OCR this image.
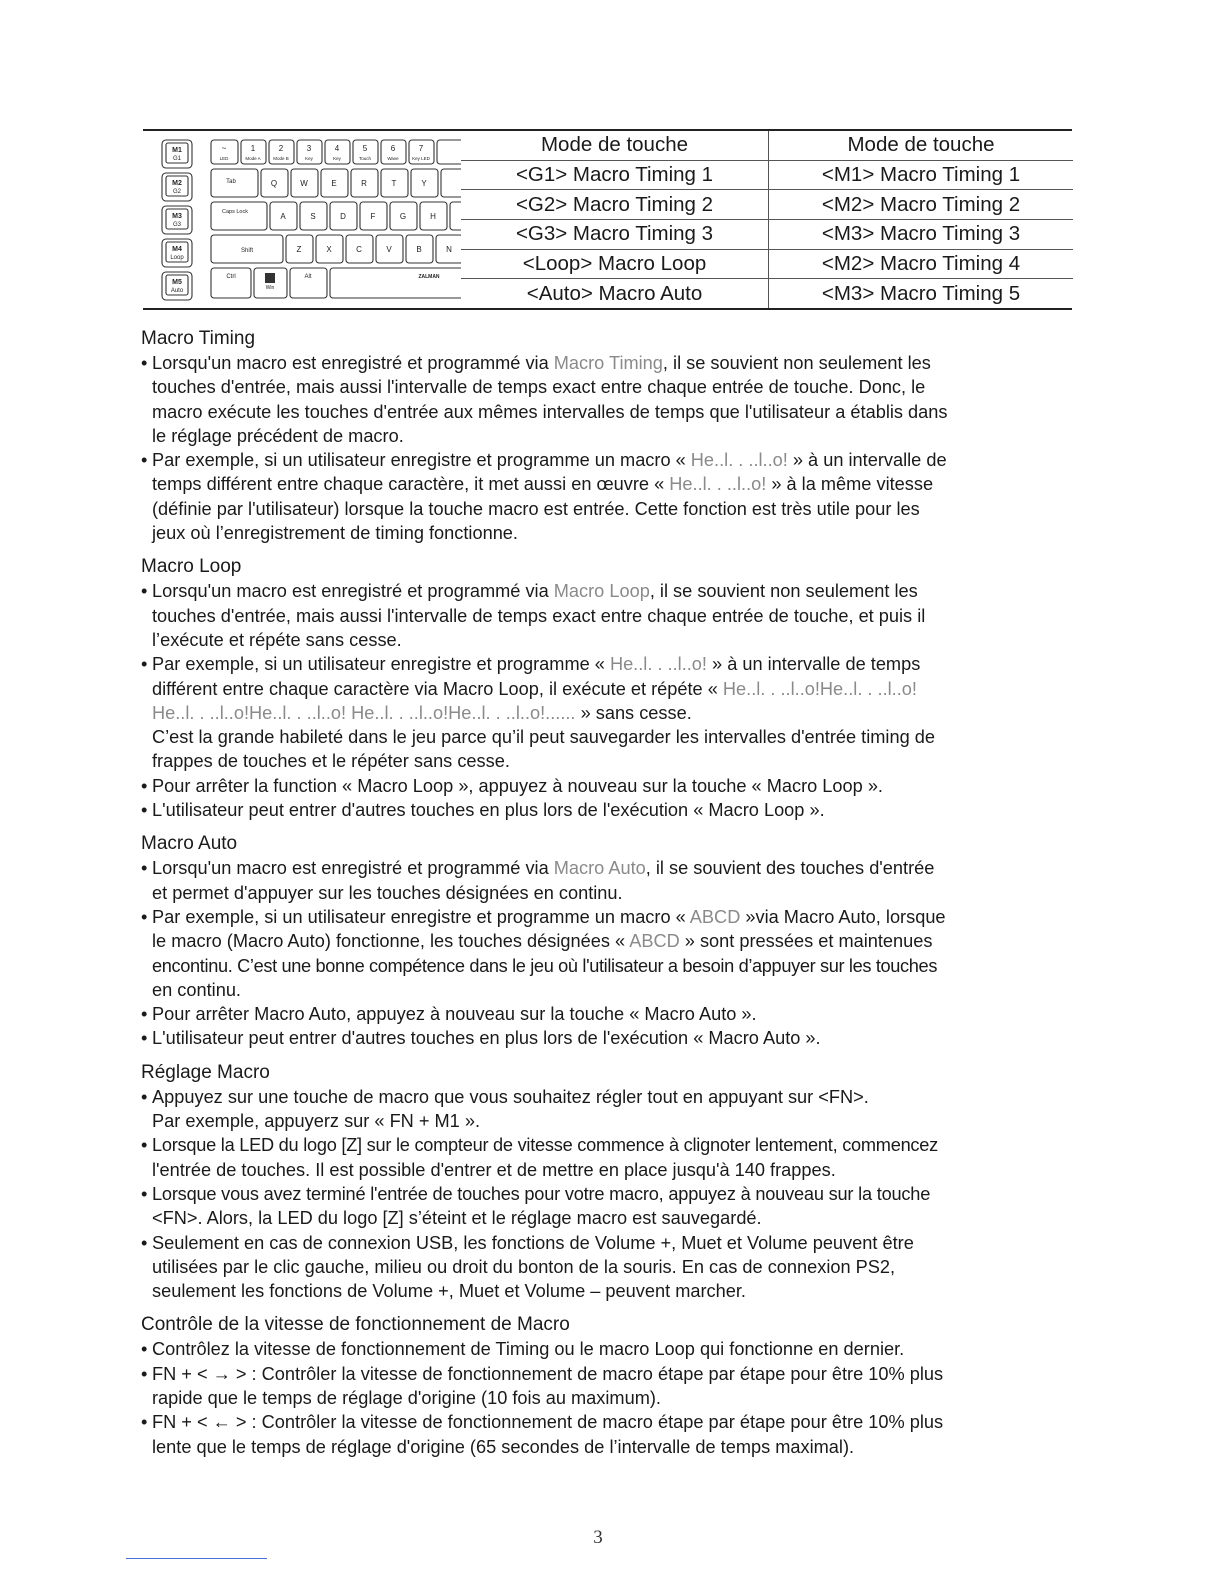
M1
G1
M2
G2
M3
G3
M4
Loop
M5
Auto
~
LED
1
Mode A
2
Mode B
3
Key
4
Key
5
Touch
6
Wave
7
Key LED
Tab	Q	W	E	R	T	Y
Caps Lock	A	S	D	F	G	H
Shift	Z	X	C	V	B	N
Ctrl
Win
Alt	ZALMAN
Mode de touche	Mode de touche
<G1> Macro Timing 1	<M1> Macro Timing 1
<G2> Macro Timing 2	<M2> Macro Timing 2
<G3> Macro Timing 3	<M3> Macro Timing 3
<Loop> Macro Loop	<M2> Macro Timing 4
<Auto> Macro Auto	<M3> Macro Timing 5

Macro Timing

• Lorsqu'un macro est enregistré et programmé via Macro Timing, il se souvient non seulement les

touches d'entrée, mais aussi l'intervalle de temps exact entre chaque entrée de touche. Donc, le

macro exécute les touches d'entrée aux mêmes intervalles de temps que l'utilisateur a établis dans

le réglage précédent de macro.

• Par exemple, si un utilisateur enregistre et programme un macro « He..l. . ..l..o! » à un intervalle de

temps différent entre chaque caractère, it met aussi en œuvre « He..l. . ..l..o! » à la même vitesse

(définie par l'utilisateur) lorsque la touche macro est entrée. Cette fonction est très utile pour les

jeux où l’enregistrement de timing fonctionne.

Macro Loop

• Lorsqu'un macro est enregistré et programmé via Macro Loop, il se souvient non seulement les

touches d'entrée, mais aussi l'intervalle de temps exact entre chaque entrée de touche, et puis il

l’exécute et répéte sans cesse.

• Par exemple, si un utilisateur enregistre et programme « He..l. . ..l..o! » à un intervalle de temps

différent entre chaque caractère via Macro Loop, il exécute et répéte « He..l. . ..l..o!He..l. . ..l..o!

He..l. . ..l..o!He..l. . ..l..o! He..l. . ..l..o!He..l. . ..l..o!...... » sans cesse.

C’est la grande habileté dans le jeu parce qu’il peut sauvegarder les intervalles d'entrée timing de

frappes de touches et le répéter sans cesse.

• Pour arrêter la function « Macro Loop », appuyez à nouveau sur la touche « Macro Loop ».

• L'utilisateur peut entrer d'autres touches en plus lors de l'exécution « Macro Loop ».

Macro Auto

• Lorsqu'un macro est enregistré et programmé via Macro Auto, il se souvient des touches d'entrée

et permet d'appuyer sur les touches désignées en continu.

• Par exemple, si un utilisateur enregistre et programme un macro « ABCD »via Macro Auto, lorsque

le macro (Macro Auto) fonctionne, les touches désignées « ABCD » sont pressées et maintenues

encontinu. C’est une bonne compétence dans le jeu où l'utilisateur a besoin d’appuyer sur les touches

en continu.

• Pour arrêter Macro Auto, appuyez à nouveau sur la touche « Macro Auto ».

• L'utilisateur peut entrer d'autres touches en plus lors de l'exécution « Macro Auto ».

Réglage Macro

• Appuyez sur une touche de macro que vous souhaitez régler tout en appuyant sur <FN>.

Par exemple, appuyerz sur « FN + M1 ».

• Lorsque la LED du logo [Z] sur le compteur de vitesse commence à clignoter lentement, commencez

l'entrée de touches. Il est possible d'entrer et de mettre en place jusqu'à 140 frappes.

• Lorsque vous avez terminé l'entrée de touches pour votre macro, appuyez à nouveau sur la touche

<FN>. Alors, la LED du logo [Z] s’éteint et le réglage macro est sauvegardé.

• Seulement en cas de connexion USB, les fonctions de Volume +, Muet et Volume peuvent être

utilisées par le clic gauche, milieu ou droit du bonton de la souris. En cas de connexion PS2,

seulement les fonctions de Volume +, Muet et Volume – peuvent marcher.

Contrôle de la vitesse de fonctionnement de Macro

• Contrôlez la vitesse de fonctionnement de Timing ou le macro Loop qui fonctionne en dernier.

• FN + < → > : Contrôler la vitesse de fonctionnement de macro étape par étape pour être 10% plus

rapide que le temps de réglage d'origine (10 fois au maximum).

• FN + < ← > : Contrôler la vitesse de fonctionnement de macro étape par étape pour être 10% plus

lente que le temps de réglage d'origine (65 secondes de l’intervalle de temps maximal).

3
